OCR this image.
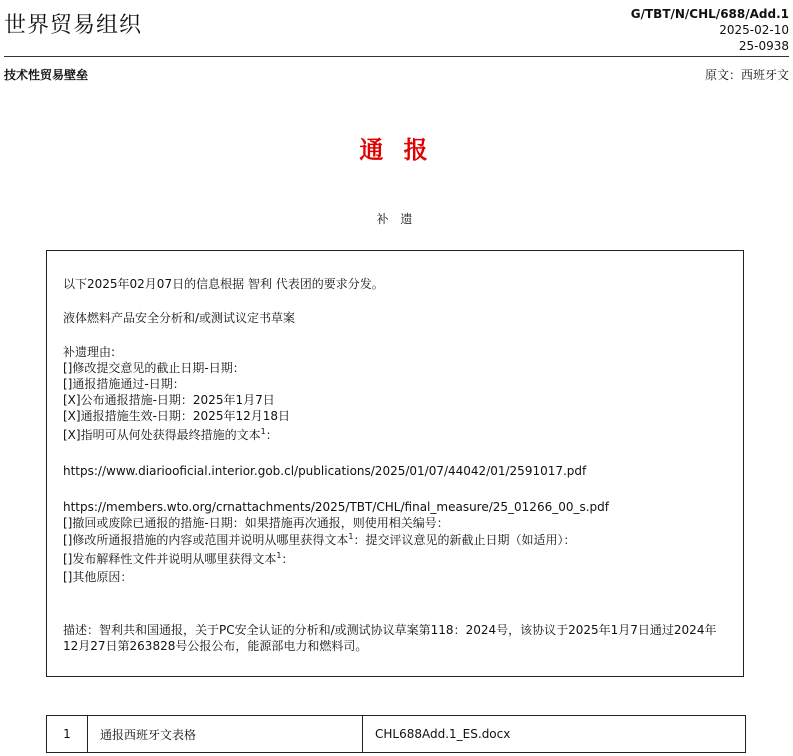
世界贸易组织	G/TBT/N/CHL/688/Add.1
2025-02-10
25-0938
技术性贸易壁垒	原文：西班牙文
通 报
补 遗

以下2025年02月07日的信息根据 智利 代表团的要求分发。

液体燃料产品安全分析和/或测试议定书草案

补遗理由:

[]修改提交意见的截止日期-日期：

[]通报措施通过-日期：

[X]公布通报措施-日期：2025年1月7日

[X]通报措施生效-日期：2025年12月18日

[X]指明可从何处获得最终措施的文本$^1$：

https://www.diariooficial.interior.gob.cl/publications/2025/01/07/44042/01/2591017.pdf

https://members.wto.org/crnattachments/2025/TBT/CHL/final_measure/25_01266_00_s.pdf

[]撤回或废除已通报的措施-日期：如果措施再次通报，则使用相关编号：

[]修改所通报措施的内容或范围并说明从哪里获得文本$^1$：提交评议意见的新截止日期（如适用）：

[]发布解释性文件并说明从哪里获得文本$^1$：

[]其他原因：

描述：智利共和国通报，关于PC安全认证的分析和/或测试协议草案第118：2024号，该协议于2025年1月7日通过2024年12月27日第263828号公报公布，能源部电力和燃料司。

1	通报西班牙文表格	CHL688Add.1_ES.docx
